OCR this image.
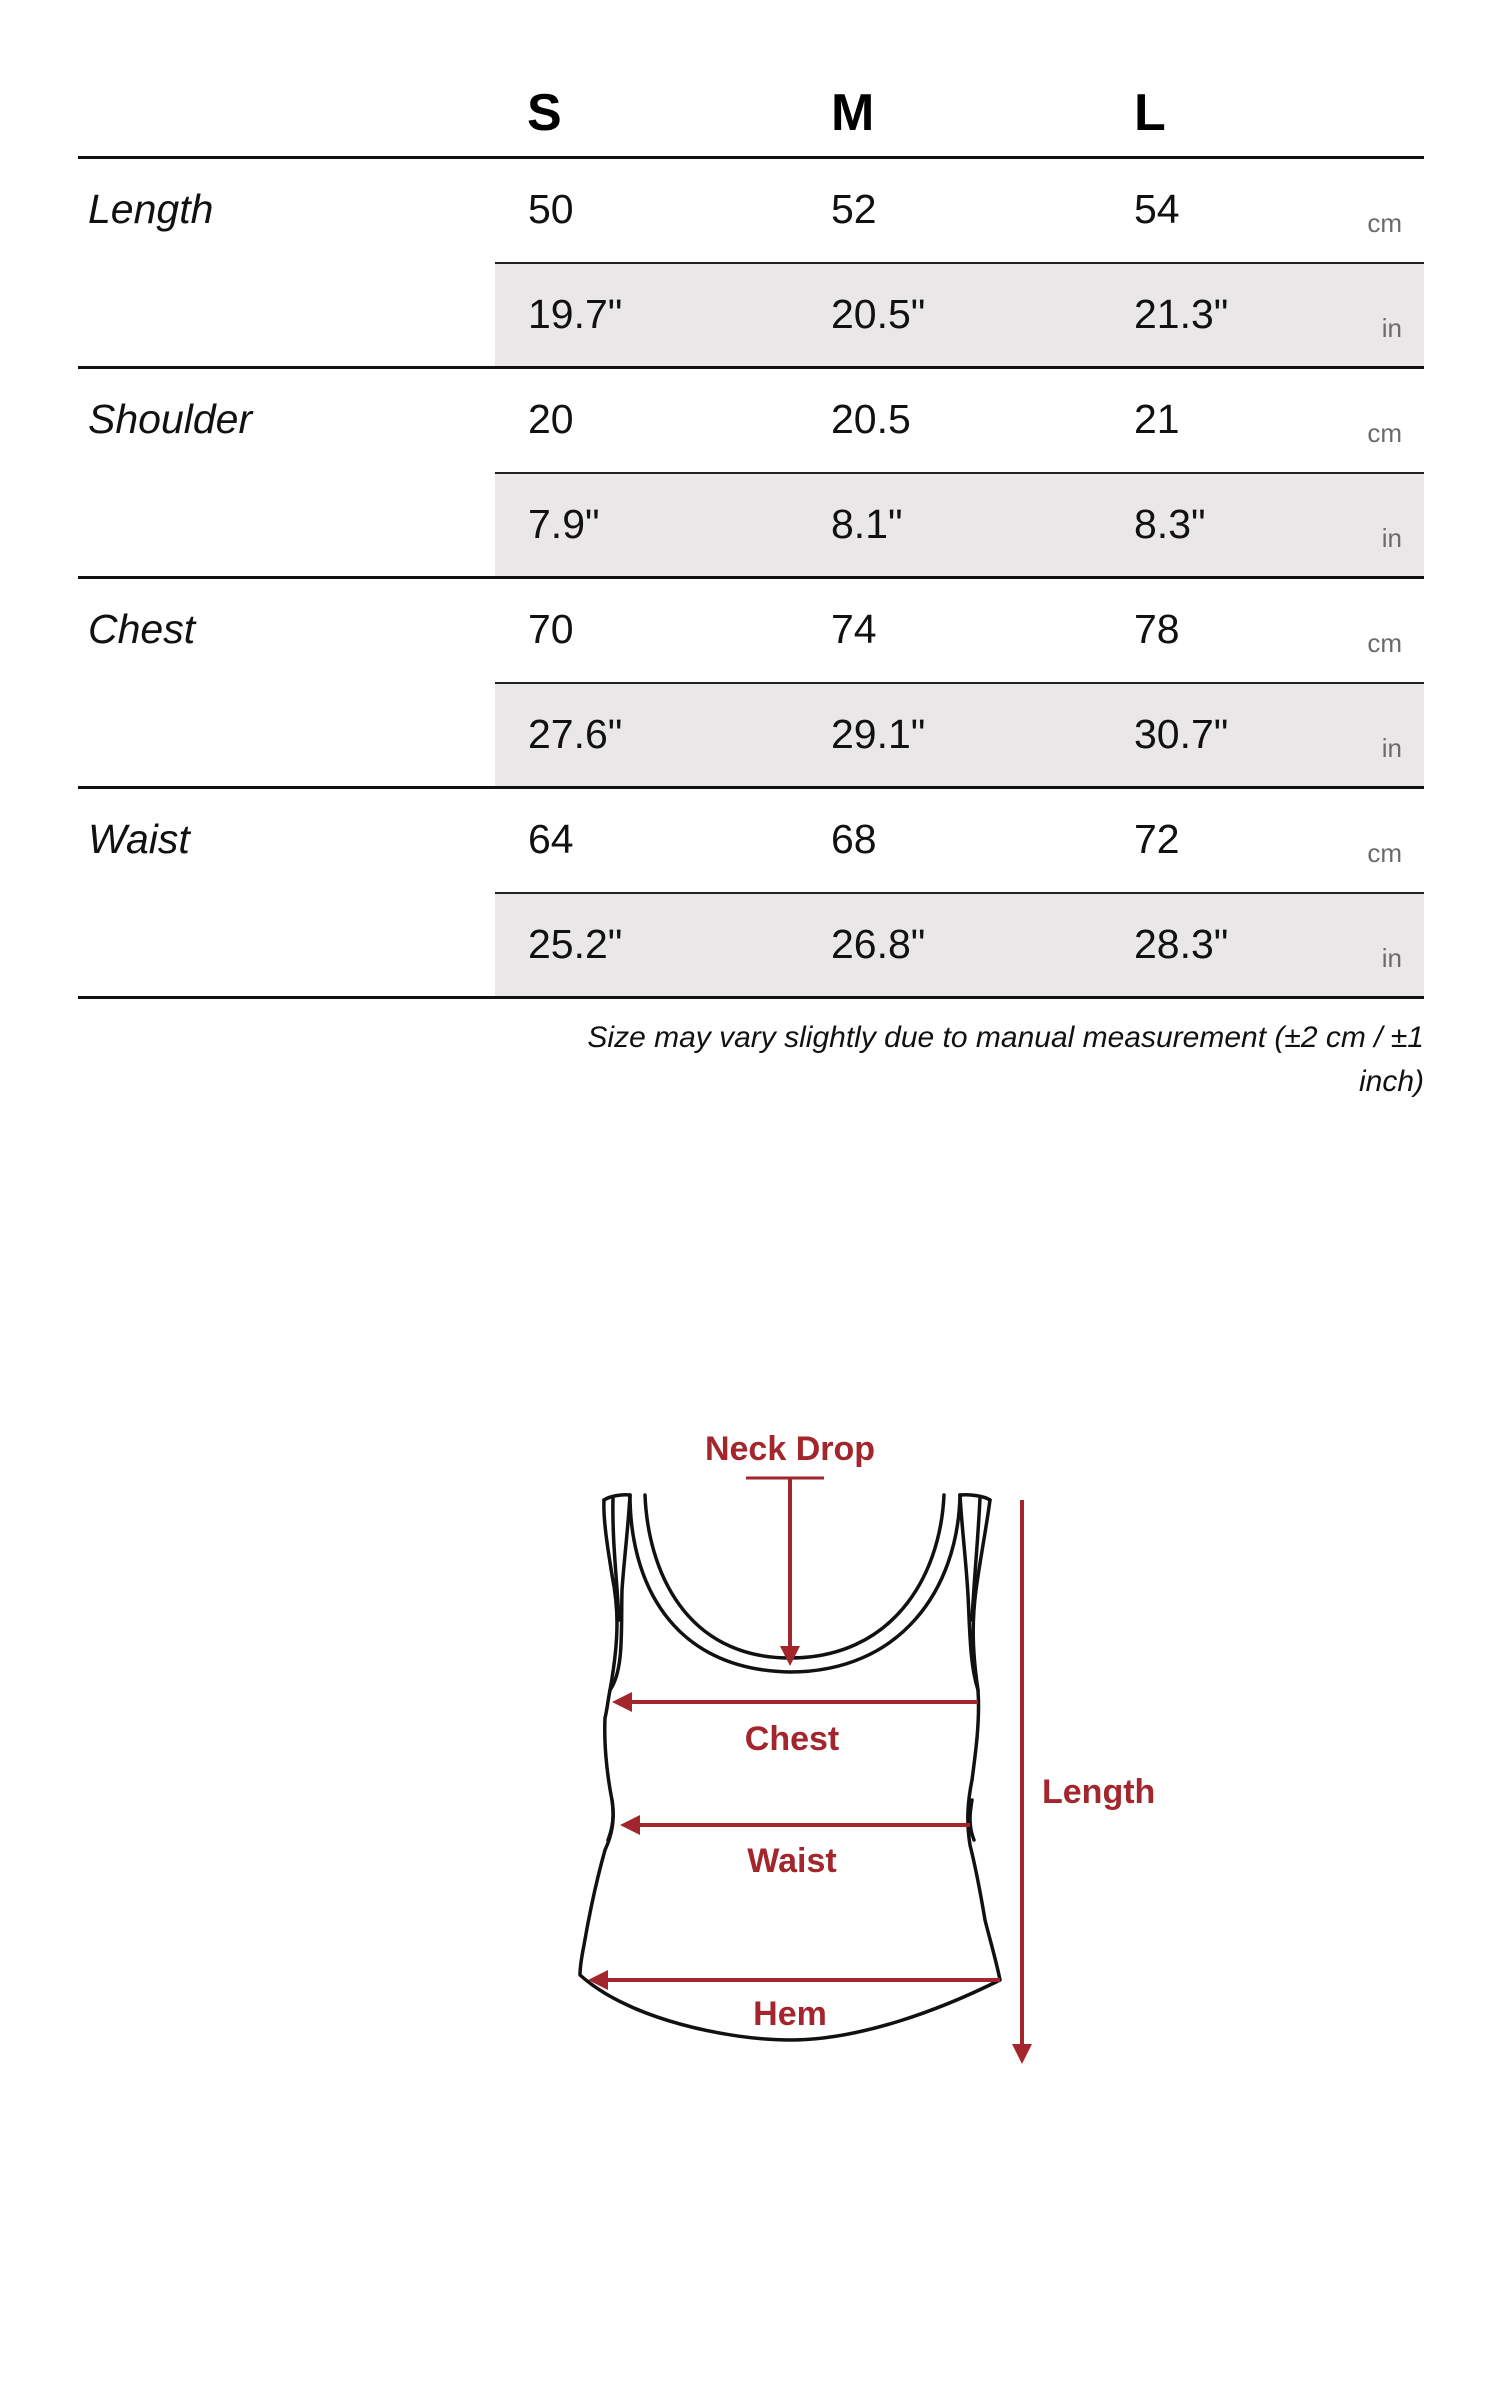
S	M	L
Length	50	52	54	cm
19.7"	20.5"	21.3"	in
Shoulder	20	20.5	21	cm
7.9"	8.1"	8.3"	in
Chest	70	74	78	cm
27.6"	29.1"	30.7"	in
Waist	64	68	72	cm
25.2"	26.8"	28.3"	in
Size may vary slightly due to manual measurement (±2 cm / ±1 inch)
Neck Drop
Chest
Waist
Hem
Length
